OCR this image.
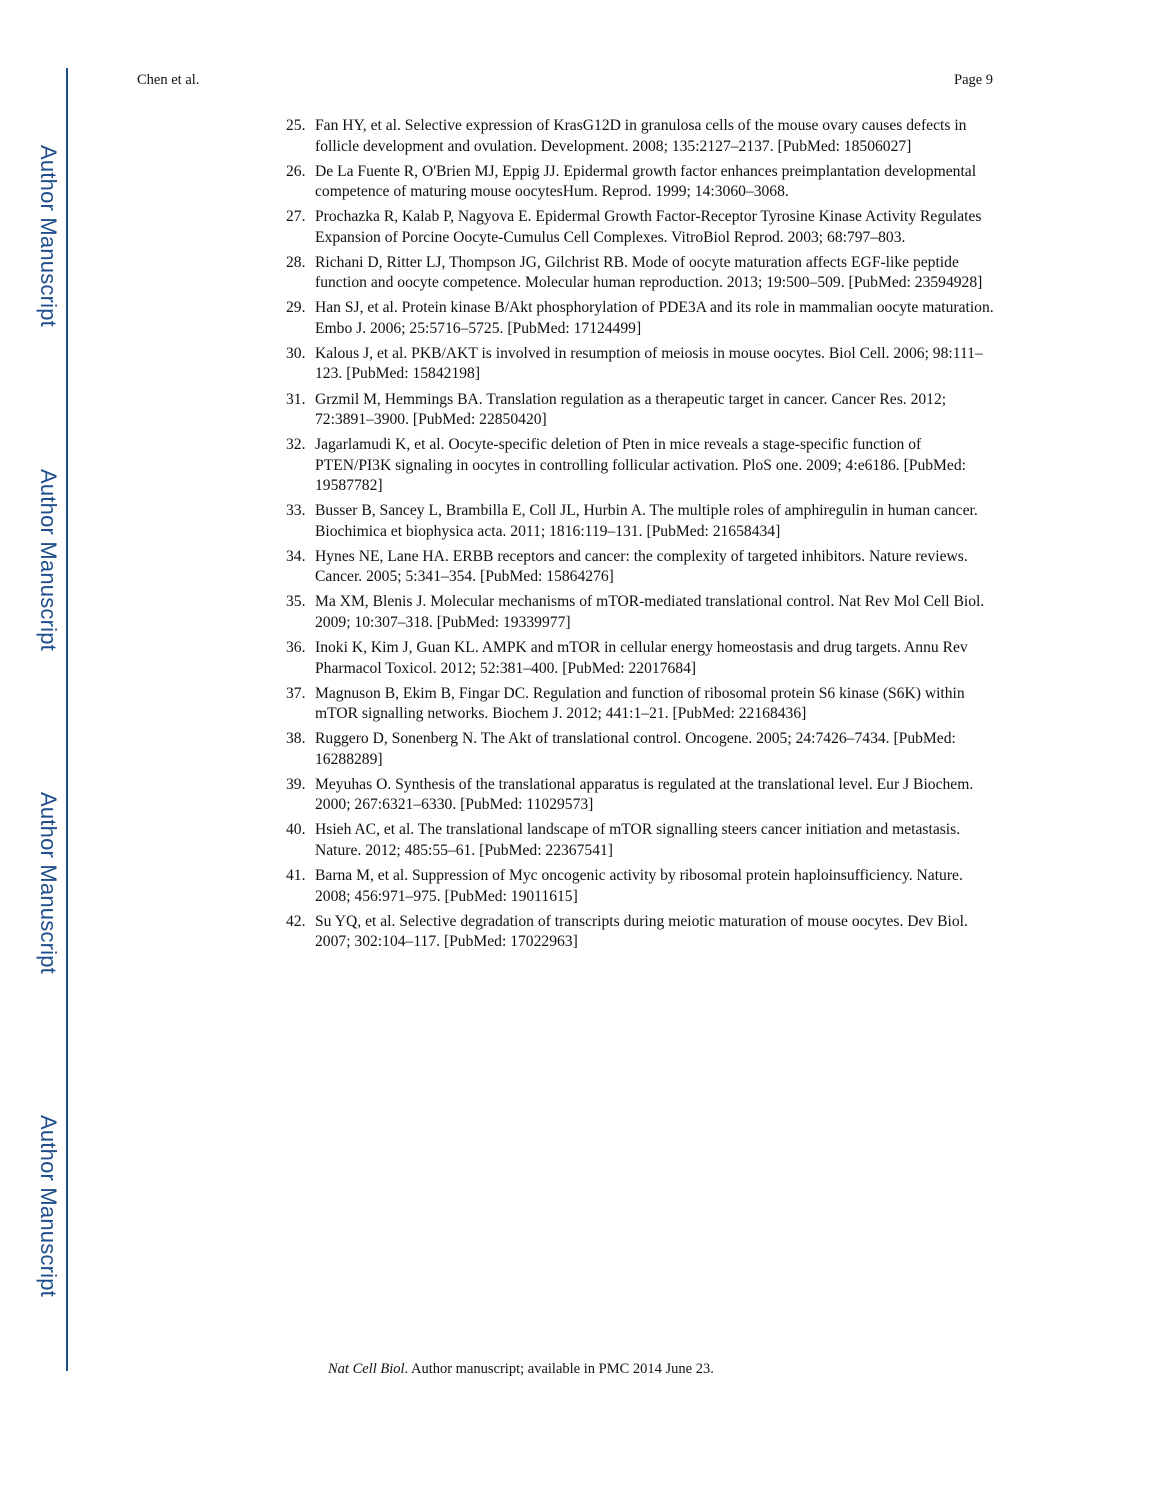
Author Manuscript
Author Manuscript
Author Manuscript
Author Manuscript
Chen et al.	Page 9
25. Fan HY, et al. Selective expression of KrasG12D in granulosa cells of the mouse ovary causes defects in follicle development and ovulation. Development. 2008; 135:2127–2137. [PubMed: 18506027]
26. De La Fuente R, O'Brien MJ, Eppig JJ. Epidermal growth factor enhances preimplantation developmental competence of maturing mouse oocytesHum. Reprod. 1999; 14:3060–3068.
27. Prochazka R, Kalab P, Nagyova E. Epidermal Growth Factor-Receptor Tyrosine Kinase Activity Regulates Expansion of Porcine Oocyte-Cumulus Cell Complexes. VitroBiol Reprod. 2003; 68:797–803.
28. Richani D, Ritter LJ, Thompson JG, Gilchrist RB. Mode of oocyte maturation affects EGF-like peptide function and oocyte competence. Molecular human reproduction. 2013; 19:500–509. [PubMed: 23594928]
29. Han SJ, et al. Protein kinase B/Akt phosphorylation of PDE3A and its role in mammalian oocyte maturation. Embo J. 2006; 25:5716–5725. [PubMed: 17124499]
30. Kalous J, et al. PKB/AKT is involved in resumption of meiosis in mouse oocytes. Biol Cell. 2006; 98:111–123. [PubMed: 15842198]
31. Grzmil M, Hemmings BA. Translation regulation as a therapeutic target in cancer. Cancer Res. 2012; 72:3891–3900. [PubMed: 22850420]
32. Jagarlamudi K, et al. Oocyte-specific deletion of Pten in mice reveals a stage-specific function of PTEN/PI3K signaling in oocytes in controlling follicular activation. PloS one. 2009; 4:e6186. [PubMed: 19587782]
33. Busser B, Sancey L, Brambilla E, Coll JL, Hurbin A. The multiple roles of amphiregulin in human cancer. Biochimica et biophysica acta. 2011; 1816:119–131. [PubMed: 21658434]
34. Hynes NE, Lane HA. ERBB receptors and cancer: the complexity of targeted inhibitors. Nature reviews. Cancer. 2005; 5:341–354. [PubMed: 15864276]
35. Ma XM, Blenis J. Molecular mechanisms of mTOR-mediated translational control. Nat Rev Mol Cell Biol. 2009; 10:307–318. [PubMed: 19339977]
36. Inoki K, Kim J, Guan KL. AMPK and mTOR in cellular energy homeostasis and drug targets. Annu Rev Pharmacol Toxicol. 2012; 52:381–400. [PubMed: 22017684]
37. Magnuson B, Ekim B, Fingar DC. Regulation and function of ribosomal protein S6 kinase (S6K) within mTOR signalling networks. Biochem J. 2012; 441:1–21. [PubMed: 22168436]
38. Ruggero D, Sonenberg N. The Akt of translational control. Oncogene. 2005; 24:7426–7434. [PubMed: 16288289]
39. Meyuhas O. Synthesis of the translational apparatus is regulated at the translational level. Eur J Biochem. 2000; 267:6321–6330. [PubMed: 11029573]
40. Hsieh AC, et al. The translational landscape of mTOR signalling steers cancer initiation and metastasis. Nature. 2012; 485:55–61. [PubMed: 22367541]
41. Barna M, et al. Suppression of Myc oncogenic activity by ribosomal protein haploinsufficiency. Nature. 2008; 456:971–975. [PubMed: 19011615]
42. Su YQ, et al. Selective degradation of transcripts during meiotic maturation of mouse oocytes. Dev Biol. 2007; 302:104–117. [PubMed: 17022963]
Nat Cell Biol. Author manuscript; available in PMC 2014 June 23.
